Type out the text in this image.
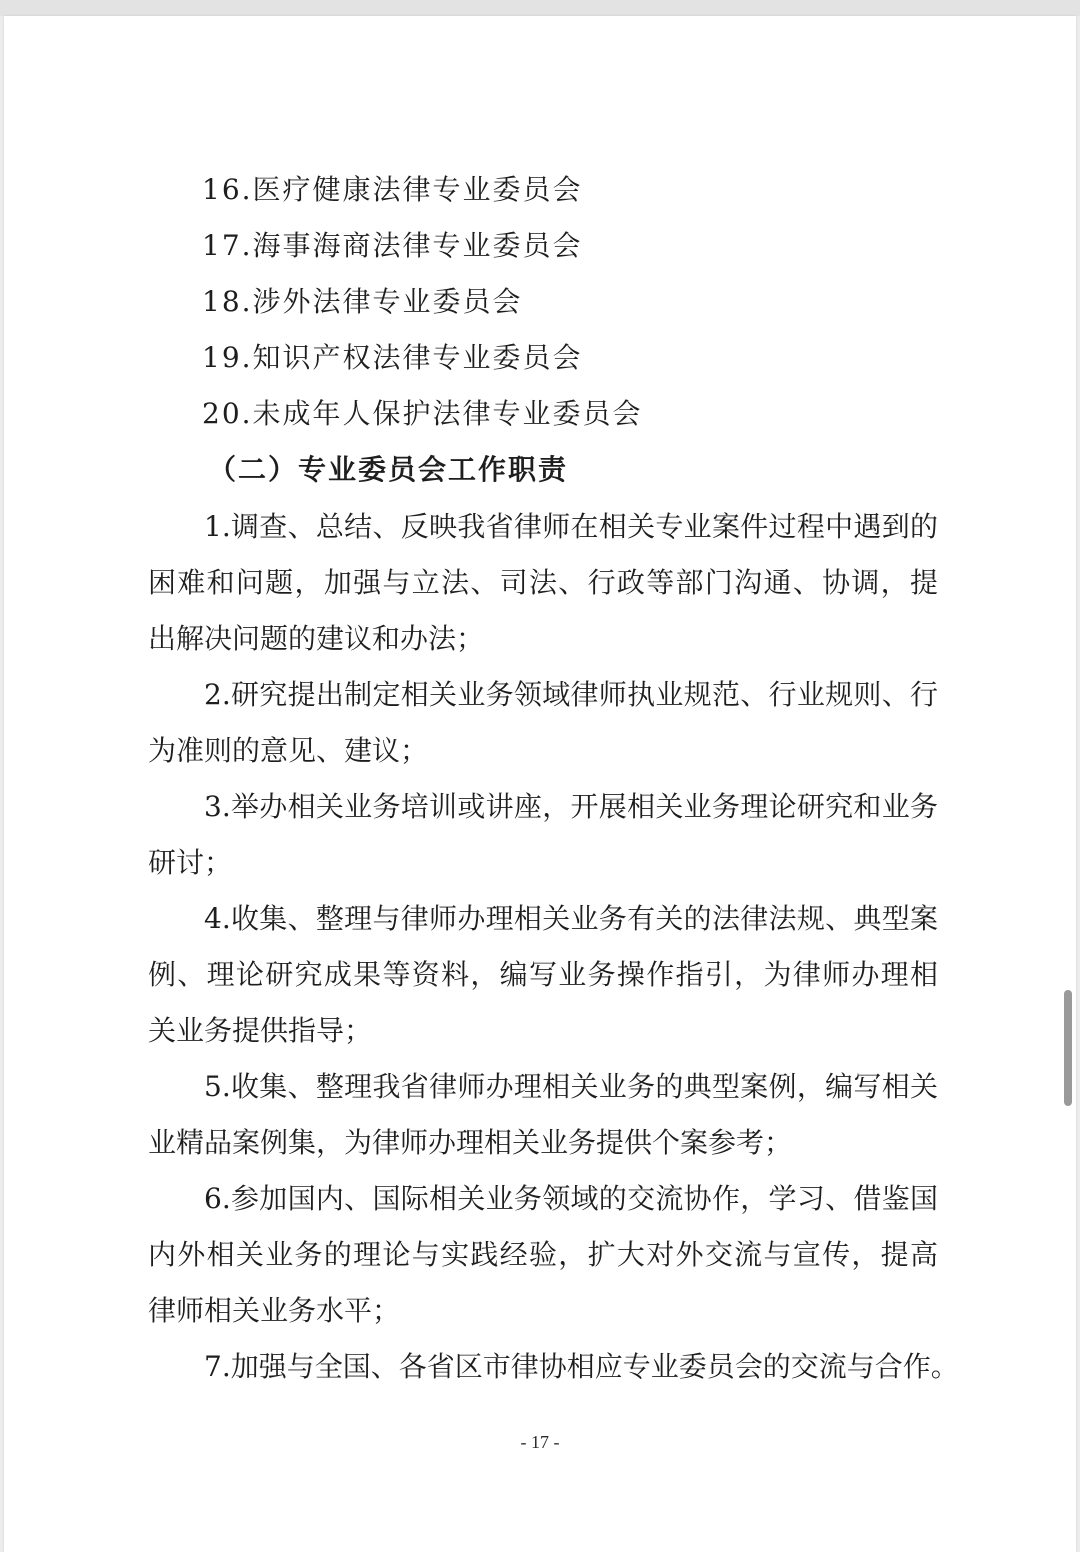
16.医疗健康法律专业委员会
17.海事海商法律专业委员会
18.涉外法律专业委员会
19.知识产权法律专业委员会
20.未成年人保护法律专业委员会
（二）专业委员会工作职责
1.调查、总结、反映我省律师在相关专业案件过程中遇到的
困难和问题，加强与立法、司法、行政等部门沟通、协调，提
出解决问题的建议和办法；
2.研究提出制定相关业务领域律师执业规范、行业规则、行
为准则的意见、建议；
3.举办相关业务培训或讲座，开展相关业务理论研究和业务
研讨；
4.收集、整理与律师办理相关业务有关的法律法规、典型案
例、理论研究成果等资料，编写业务操作指引，为律师办理相
关业务提供指导；
5.收集、整理我省律师办理相关业务的典型案例，编写相关
业精品案例集，为律师办理相关业务提供个案参考；
6.参加国内、国际相关业务领域的交流协作，学习、借鉴国
内外相关业务的理论与实践经验，扩大对外交流与宣传，提高
律师相关业务水平；
7.加强与全国、各省区市律协相应专业委员会的交流与合作。
- 17 -
